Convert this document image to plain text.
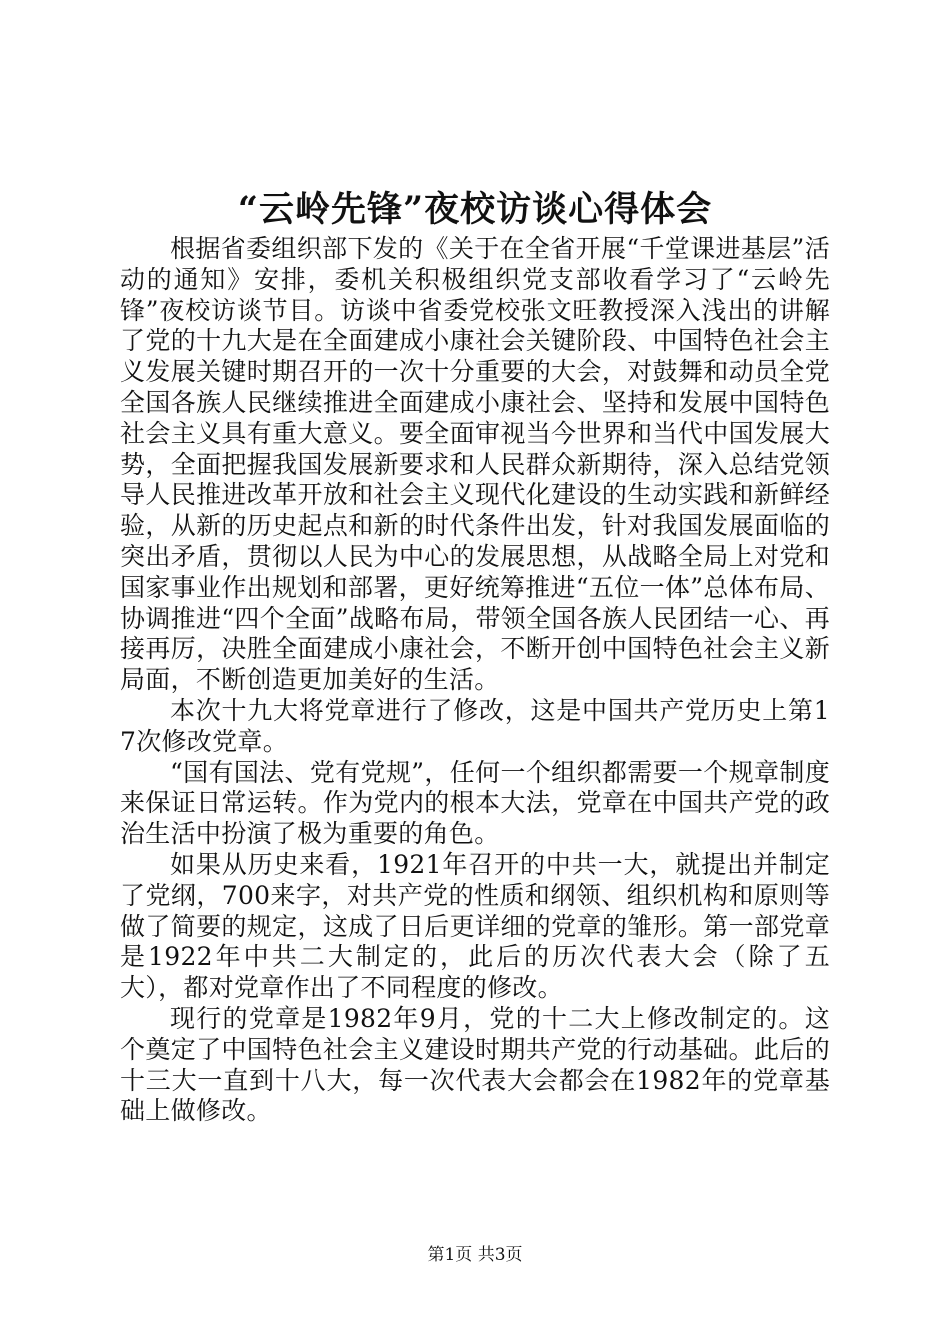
“云岭先锋”夜校访谈心得体会

根据省委组织部下发的《关于在全省开展“千堂课进基层”活动的通知》安排，委机关积极组织党支部收看学习了“云岭先锋”夜校访谈节目。访谈中省委党校张文旺教授深入浅出的讲解了党的十九大是在全面建成小康社会关键阶段、中国特色社会主义发展关键时期召开的一次十分重要的大会，对鼓舞和动员全党全国各族人民继续推进全面建成小康社会、坚持和发展中国特色社会主义具有重大意义。要全面审视当今世界和当代中国发展大势，全面把握我国发展新要求和人民群众新期待，深入总结党领导人民推进改革开放和社会主义现代化建设的生动实践和新鲜经验，从新的历史起点和新的时代条件出发，针对我国发展面临的突出矛盾，贯彻以人民为中心的发展思想，从战略全局上对党和国家事业作出规划和部署，更好统筹推进“五位一体”总体布局、协调推进“四个全面”战略布局，带领全国各族人民团结一心、再接再厉，决胜全面建成小康社会，不断开创中国特色社会主义新局面，不断创造更加美好的生活。

本次十九大将党章进行了修改，这是中国共产党历史上第17次修改党章。

“国有国法、党有党规”，任何一个组织都需要一个规章制度来保证日常运转。作为党内的根本大法，党章在中国共产党的政治生活中扮演了极为重要的角色。

如果从历史来看，1921年召开的中共一大，就提出并制定了党纲，700来字，对共产党的性质和纲领、组织机构和原则等做了简要的规定，这成了日后更详细的党章的雏形。第一部党章是1922年中共二大制定的，此后的历次代表大会（除了五大），都对党章作出了不同程度的修改。

现行的党章是1982年9月，党的十二大上修改制定的。这个奠定了中国特色社会主义建设时期共产党的行动基础。此后的十三大一直到十八大，每一次代表大会都会在1982年的党章基础上做修改。

第1页 共3页
